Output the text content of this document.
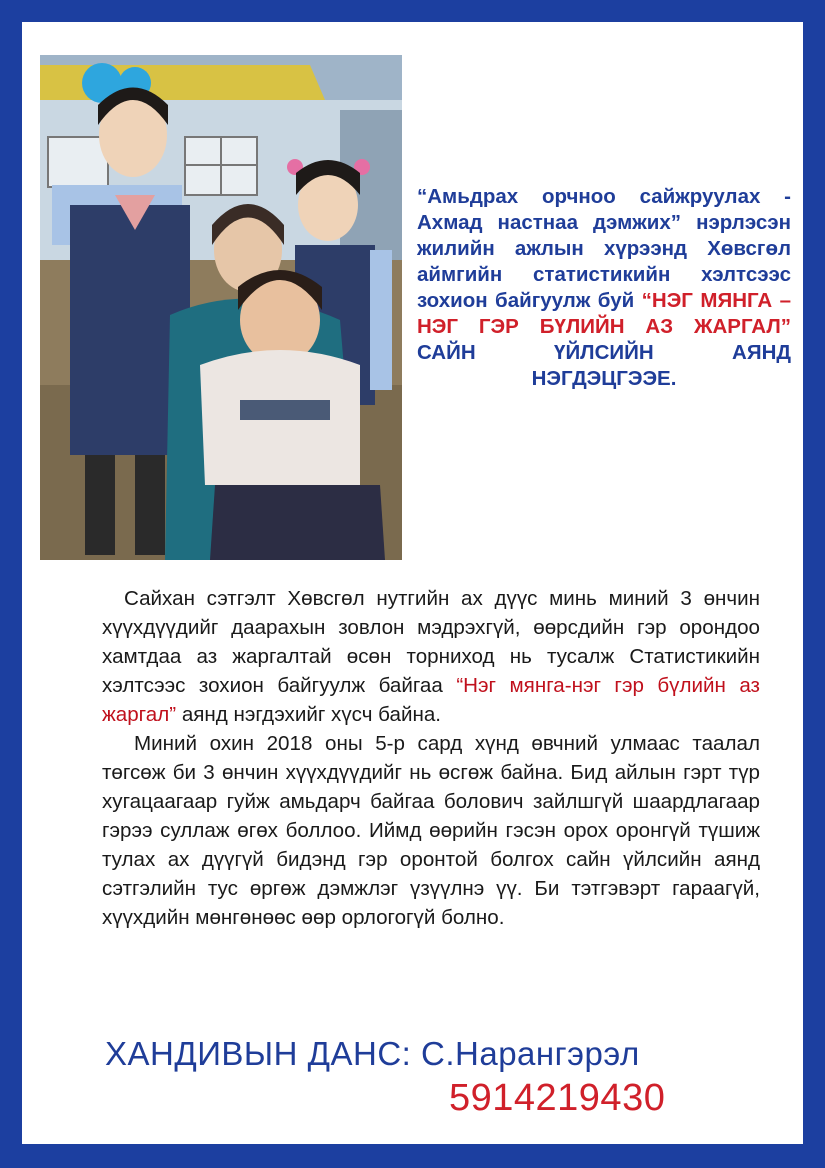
“Амьдрах орчноо сайжруулах - Ахмад настнаа дэмжих” нэрлэсэн жилийн ажлын хүрээнд Хөвсгөл аймгийн статистикийн хэлтсээс зохион байгуулж буй “НЭГ МЯНГА –НЭГ ГЭР БҮЛИЙН АЗ ЖАРГАЛ” САЙН ҮЙЛСИЙН АЯНД
НЭГДЭЦГЭЭЕ.

Сайхан сэтгэлт Хөвсгөл нутгийн ах дүүс минь миний 3 өнчин хүүхдүүдийг даарахын зовлон мэдрэхгүй, өөрсдийн гэр орондоо хамтдаа аз жаргалтай өсөн торниход нь тусалж Статистикийн хэлтсээс зохион байгуулж байгаа “Нэг мянга-нэг гэр бүлийн аз жаргал” аянд нэгдэхийг хүсч байна.

Миний охин 2018 оны 5-р сард хүнд өвчний улмаас таалал төгсөж би 3 өнчин хүүхдүүдийг нь өсгөж байна. Бид айлын гэрт түр хугацаагаар гуйж амьдарч байгаа болович зайлшгүй шаардлагаар гэрээ суллаж өгөх боллоо. Иймд өөрийн гэсэн орох оронгүй түшиж тулах ах дүүгүй бидэнд гэр оронтой болгох сайн үйлсийн аянд сэтгэлийн тус өргөж дэмжлэг үзүүлнэ үү. Би тэтгэвэрт гараагүй, хүүхдийн мөнгөнөөс өөр орлогогүй болно.

ХАНДИВЫН ДАНС: С.Нарангэрэл
5914219430
